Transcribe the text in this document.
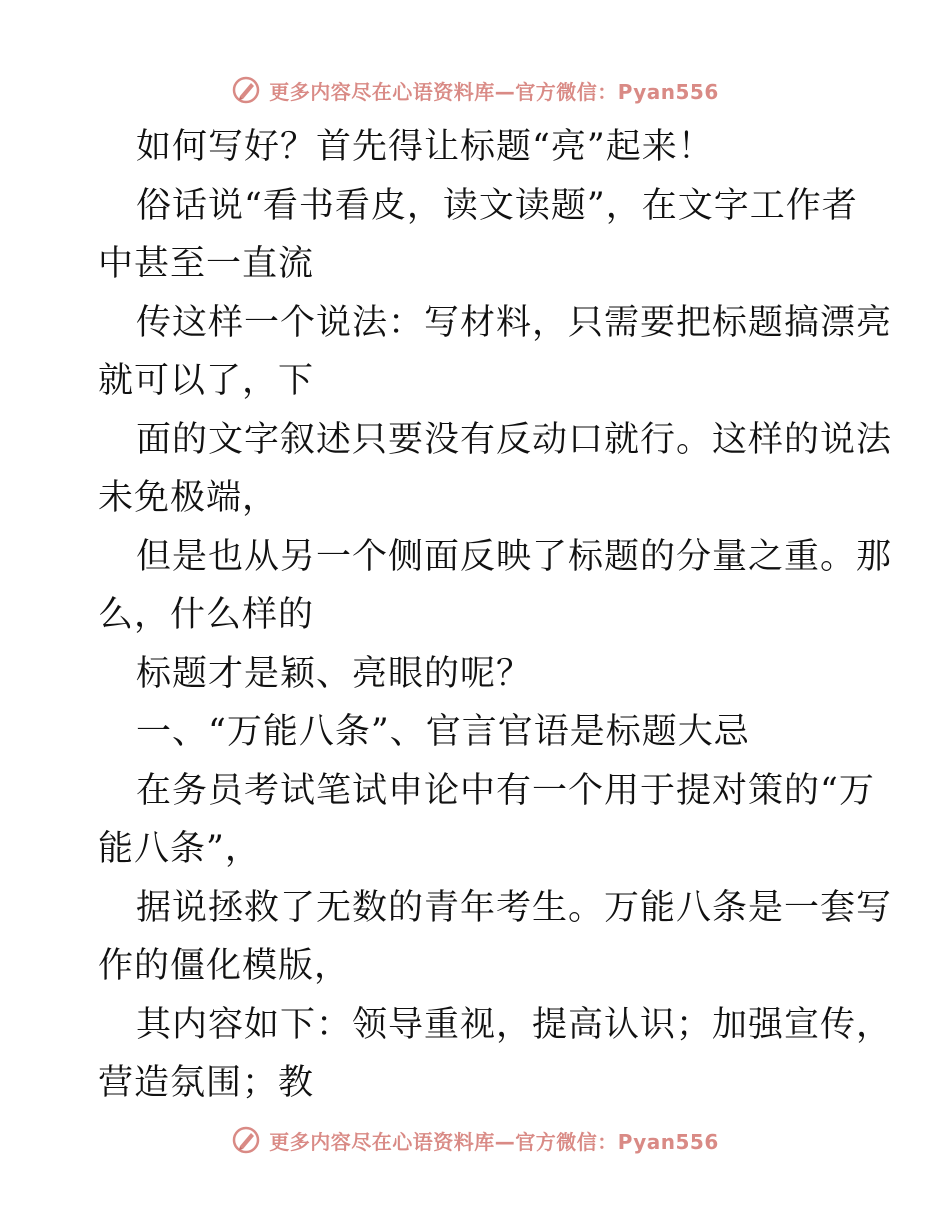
更多内容尽在心语资料库—官方微信：Pyan556
如何写好？首先得让标题“亮”起来！
俗话说“看书看皮，读文读题”，在文字工作者
中甚至一直流
传这样一个说法：写材料，只需要把标题搞漂亮
就可以了，下
面的文字叙述只要没有反动口就行。这样的说法
未免极端，
但是也从另一个侧面反映了标题的分量之重。那
么，什么样的
标题才是颖、亮眼的呢？
一、“万能八条”、官言官语是标题大忌
在务员考试笔试申论中有一个用于提对策的“万
能八条”，
据说拯救了无数的青年考生。万能八条是一套写
作的僵化模版，
其内容如下：领导重视，提高认识；加强宣传，
营造氛围；教
更多内容尽在心语资料库—官方微信：Pyan556
